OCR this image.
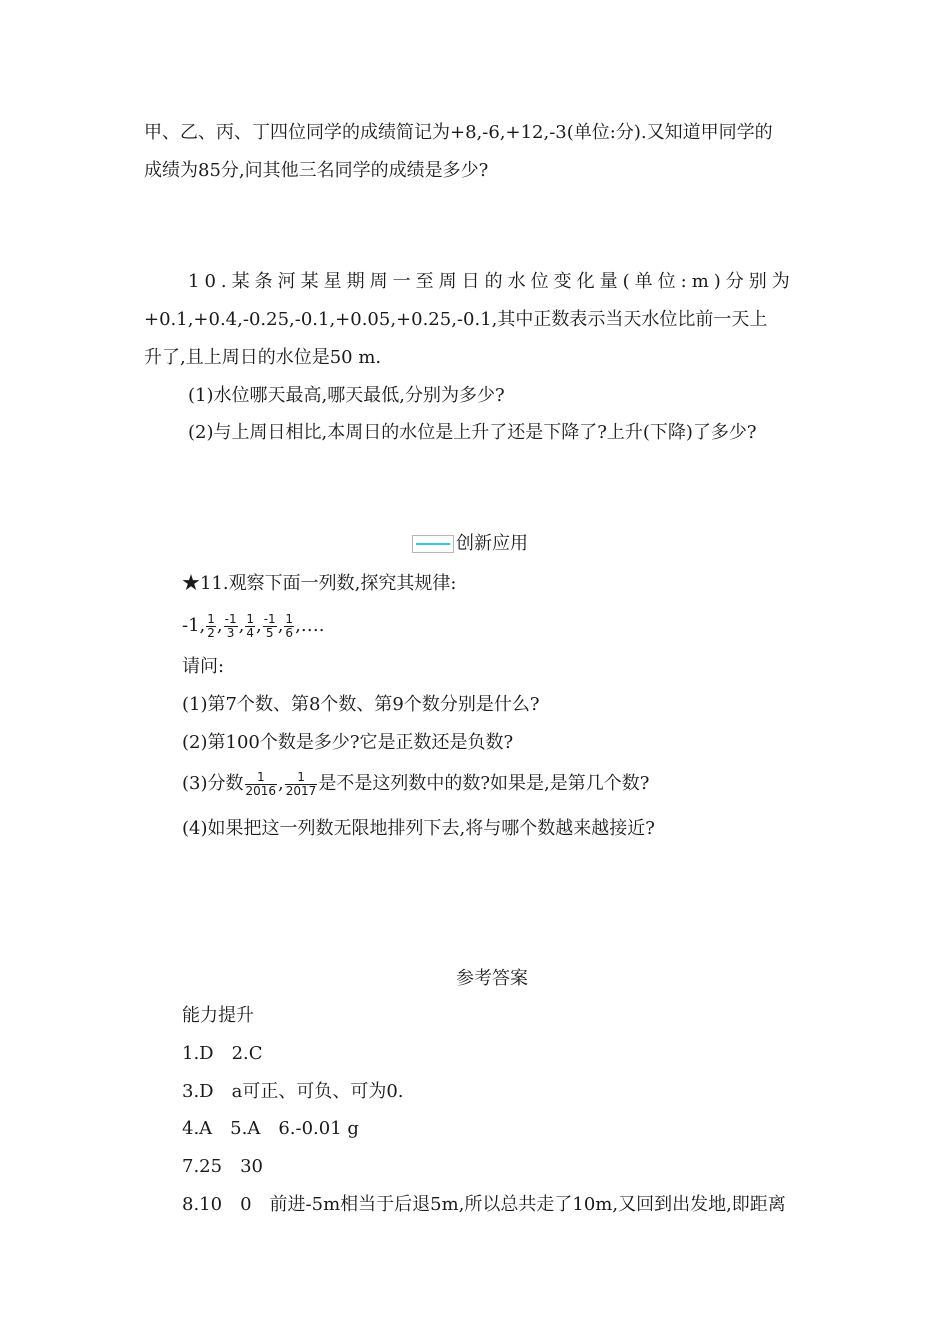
甲、乙、丙、丁四位同学的成绩简记为+8,-6,+12,-3(单位:分).又知道甲同学的
成绩为85分,问其他三名同学的成绩是多少?
10.某条河某星期周一至周日的水位变化量(单位:m)分别为
+0.1,+0.4,-0.25,-0.1,+0.05,+0.25,-0.1,其中正数表示当天水位比前一天上
升了,且上周日的水位是50 m.
(1)水位哪天最高,哪天最低,分别为多少?
(2)与上周日相比,本周日的水位是上升了还是下降了?上升(下降)了多少?
创新应用
★11.观察下面一列数,探究其规律:
-1, $\frac{1}{2}$ , $\frac{-1}{3}$ , $\frac{1}{4}$ , $\frac{-1}{5}$ , $\frac{1}{6}$ ,….
请问:
(1)第7个数、第8个数、第9个数分别是什么?
(2)第100个数是多少?它是正数还是负数?
(3)分数 $\frac{1}{2016}$ , $\frac{1}{2017}$ 是不是这列数中的数?如果是,是第几个数?
(4)如果把这一列数无限地排列下去,将与哪个数越来越接近?
参考答案
能力提升
1.D　2.C
3.D　a可正、可负、可为0.
4.A　5.A　6.-0.01 g
7.25　30
8.10　0　前进-5m相当于后退5m,所以总共走了10m,又回到出发地,即距离
